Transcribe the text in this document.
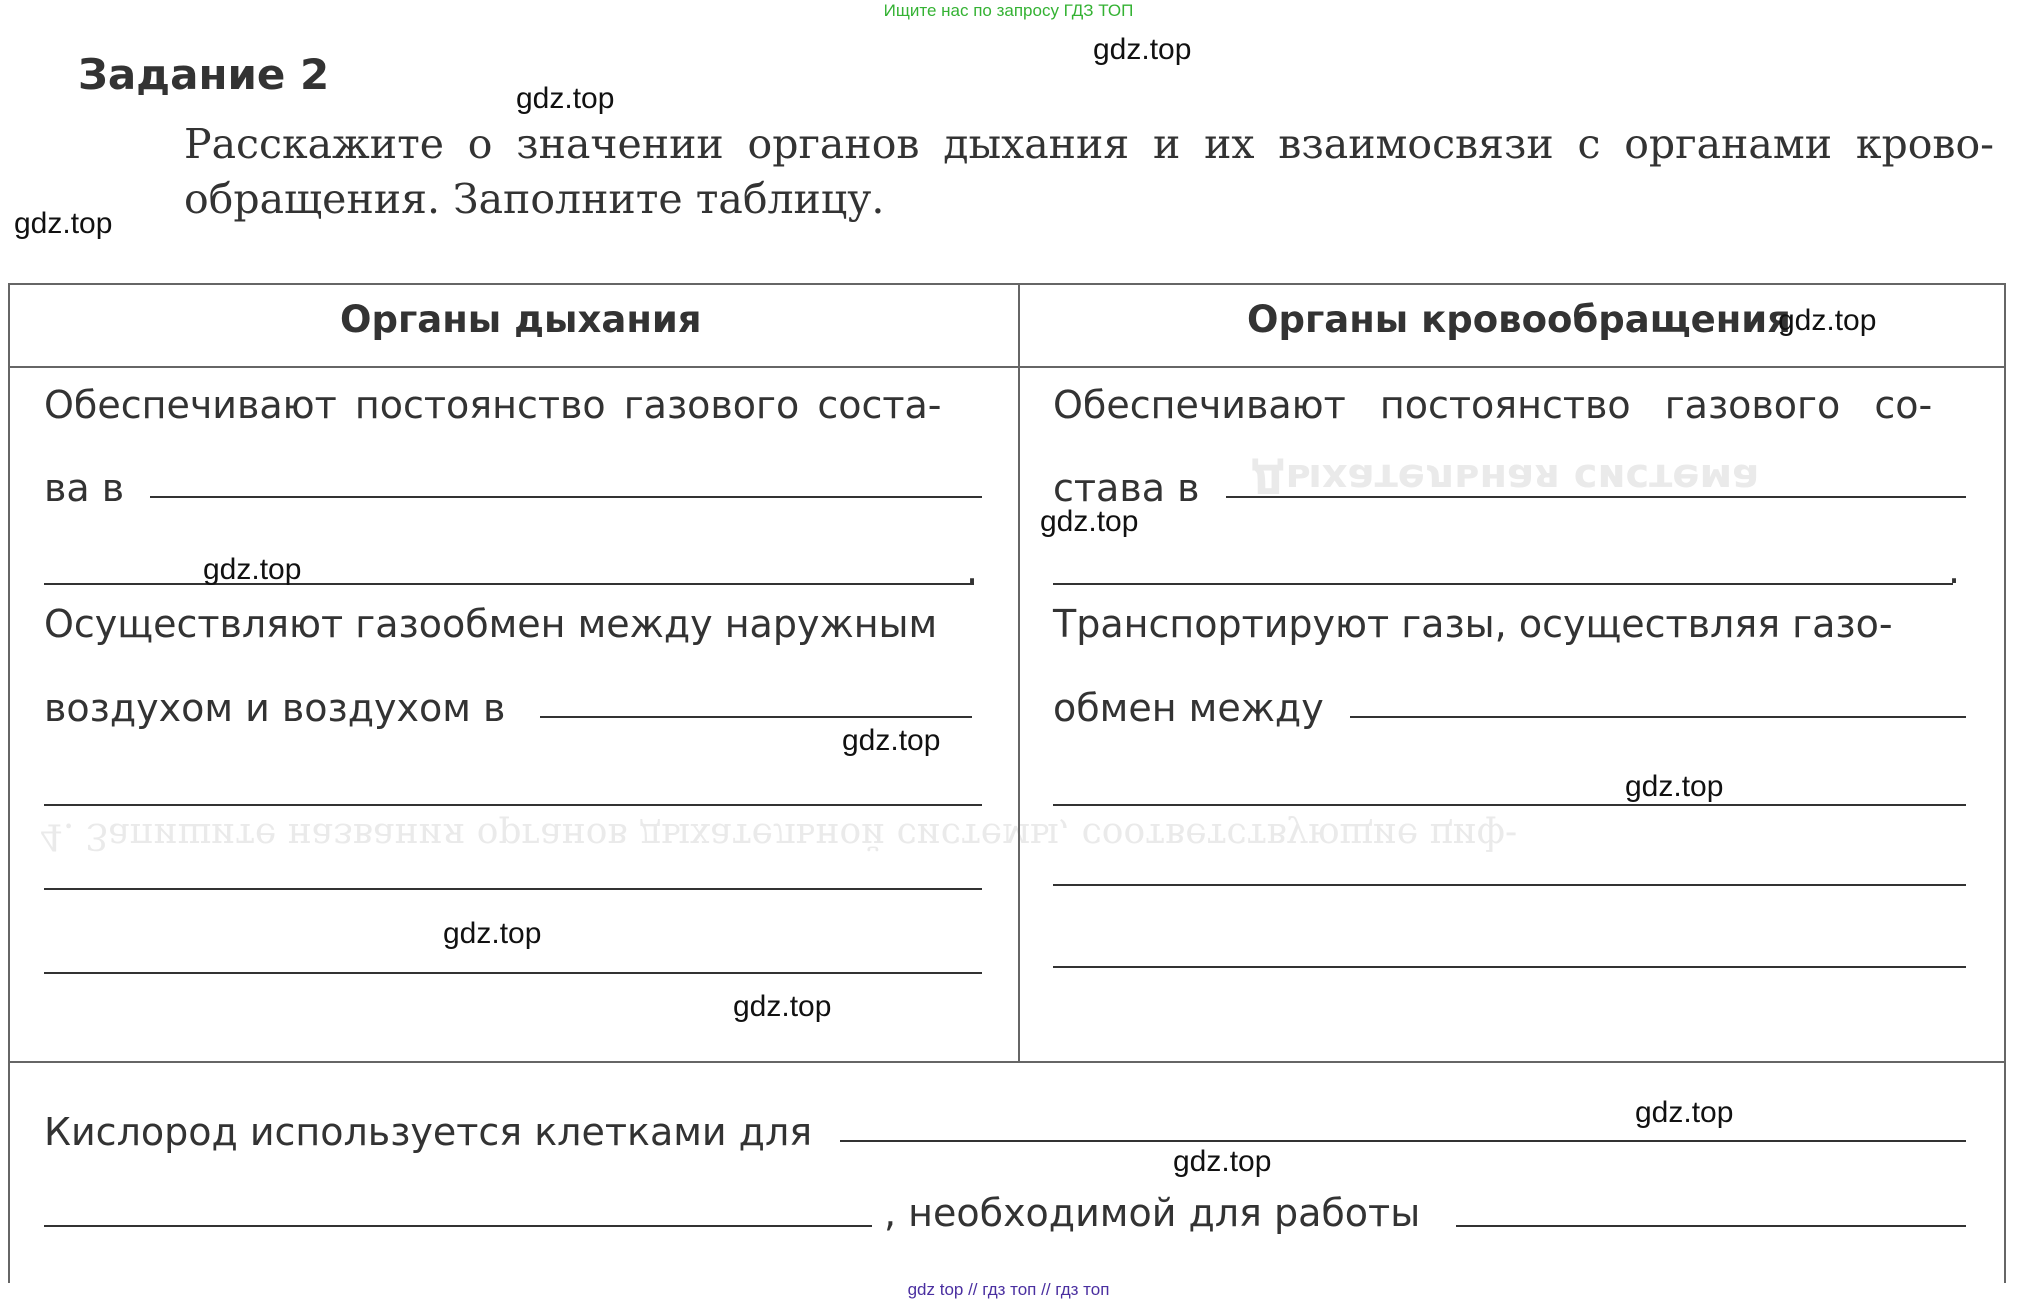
Дыхательная система
4. Запишите названия органов дыхательной системы, соответствующие циф-
Ищите нас по запросу ГДЗ ТОП
Задание 2
Расскажите о значении органов дыхания и их взаимосвязи с органами крово-обращения. Заполните таблицу.
Органы дыхания	Органы кровообращения
Обеспечивают постоянство газового соста-
ва в
.
Осуществляют газообмен между наружным
воздухом и воздухом в
Обеспечивают постоянство газового со-
става в
.
Транспортируют газы, осуществляя газо-
обмен между
Кислород используется клетками для
, необходимой для работы
gdz.top
gdz.top
gdz.top
gdz.top
gdz.top
gdz.top
gdz.top
gdz.top
gdz.top
gdz.top
gdz.top
gdz.top
gdz top // гдз топ // гдз топ
